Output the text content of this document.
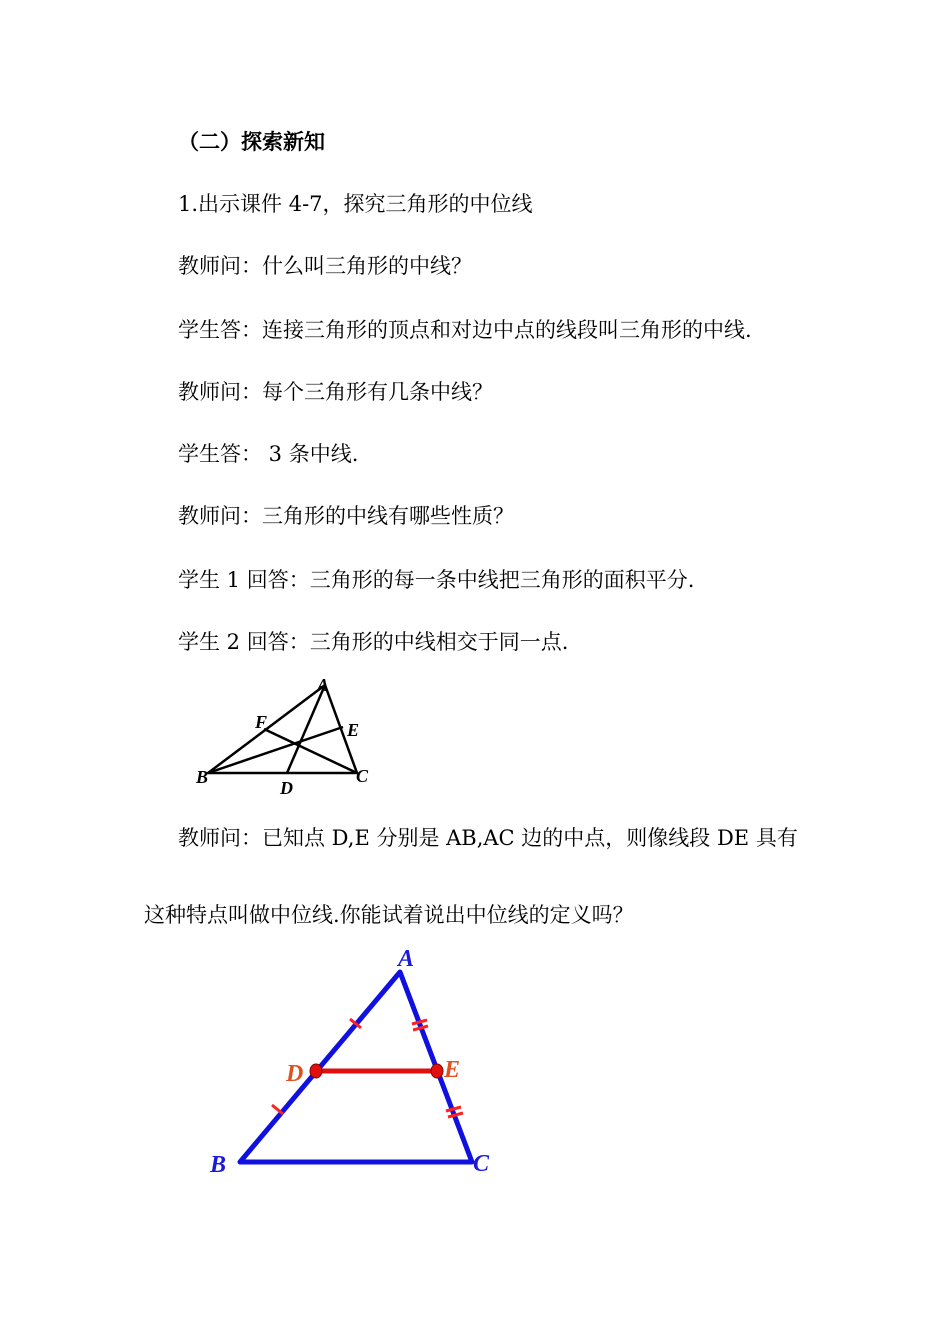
（二）探索新知
1.出示课件 4-7，探究三角形的中位线
教师问：什么叫三角形的中线？
学生答：连接三角形的顶点和对边中点的线段叫三角形的中线.
教师问：每个三角形有几条中线？
学生答： 3 条中线.
教师问：三角形的中线有哪些性质？
学生 1 回答：三角形的每一条中线把三角形的面积平分.
学生 2 回答：三角形的中线相交于同一点.
A
B	C
D
E
F
教师问：已知点 D,E 分别是 AB,AC 边的中点，则像线段 DE 具有
这种特点叫做中位线.你能试着说出中位线的定义吗？
A
B	C
D	E
